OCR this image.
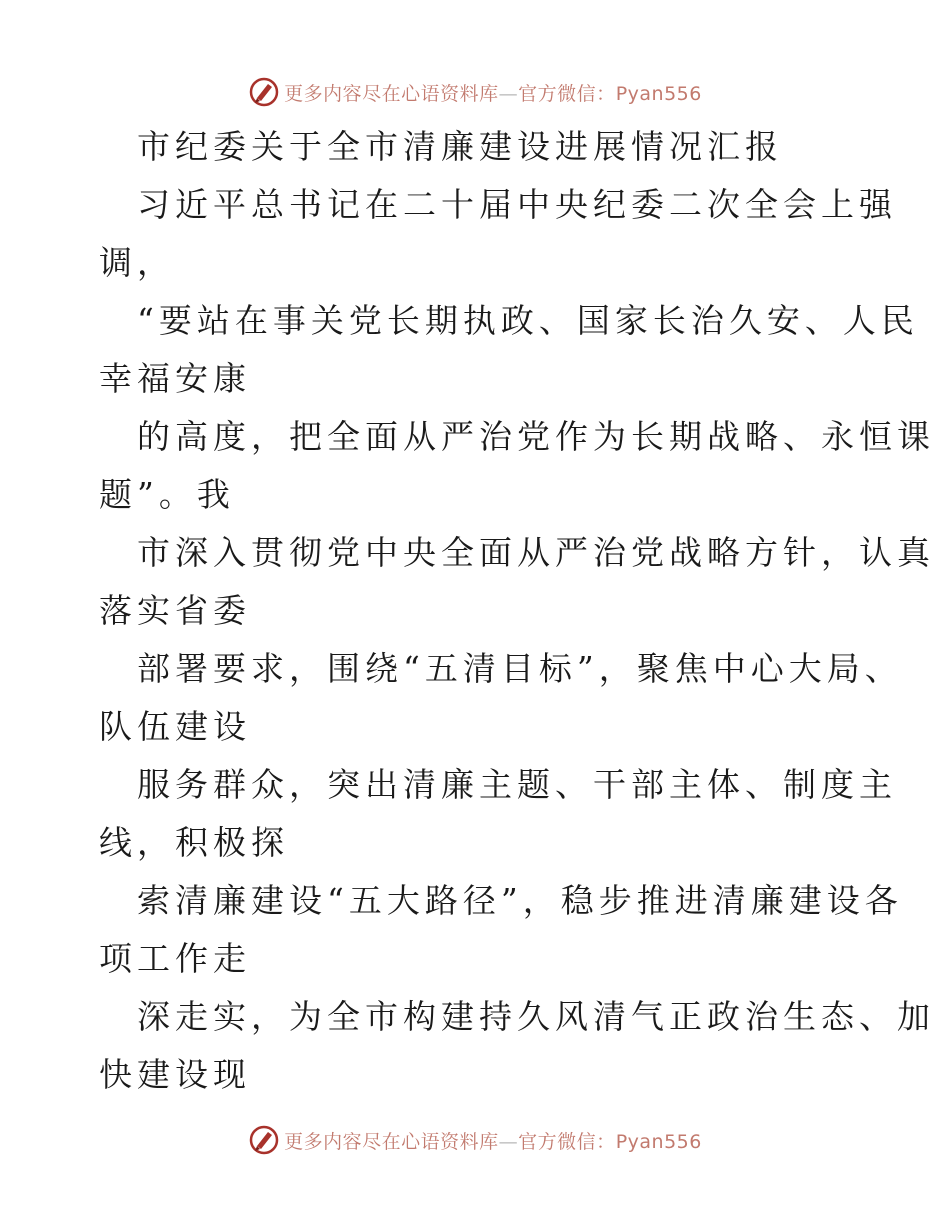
更多内容尽在心语资料库—官方微信：Pyan556
市纪委关于全市清廉建设进展情况汇报
习近平总书记在二十届中央纪委二次全会上强
调，
“要站在事关党长期执政、国家长治久安、人民
幸福安康
的高度，把全面从严治党作为长期战略、永恒课
题”。我
市深入贯彻党中央全面从严治党战略方针，认真
落实省委
部署要求，围绕“五清目标”，聚焦中心大局、
队伍建设
服务群众，突出清廉主题、干部主体、制度主
线，积极探
索清廉建设“五大路径”，稳步推进清廉建设各
项工作走
深走实，为全市构建持久风清气正政治生态、加
快建设现
更多内容尽在心语资料库—官方微信：Pyan556
